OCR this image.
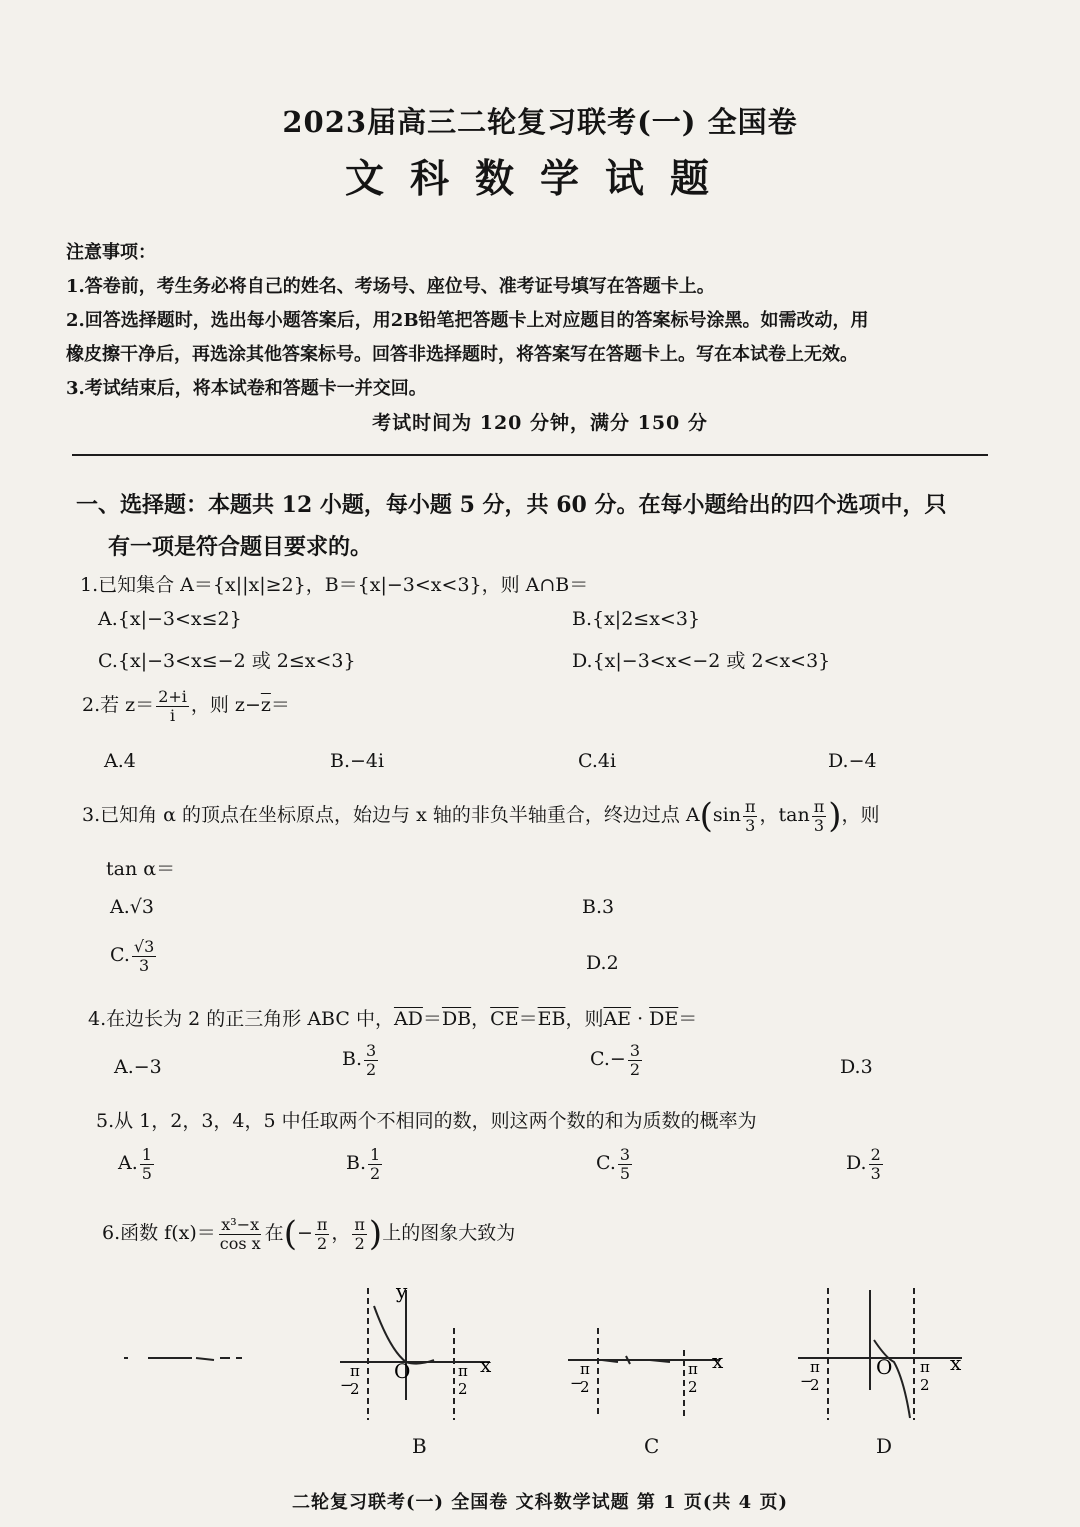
2023届高三二轮复习联考(一) 全国卷
文科数学试题
注意事项：
1.答卷前，考生务必将自己的姓名、考场号、座位号、准考证号填写在答题卡上。
2.回答选择题时，选出每小题答案后，用2B铅笔把答题卡上对应题目的答案标号涂黑。如需改动，用
橡皮擦干净后，再选涂其他答案标号。回答非选择题时，将答案写在答题卡上。写在本试卷上无效。
3.考试结束后，将本试卷和答题卡一并交回。
考试时间为 120 分钟，满分 150 分
一、选择题：本题共 12 小题，每小题 5 分，共 60 分。在每小题给出的四个选项中，只
有一项是符合题目要求的。
1.已知集合 A＝{x||x|≥2}，B＝{x|−3<x<3}，则 A∩B＝
A.{x|−3<x≤2}	B.{x|2≤x<3}
C.{x|−3<x≤−2 或 2≤x<3}	D.{x|−3<x<−2 或 2<x<3}
2.若 $z= \frac{2+i}{i}$ ，则 $z-\overline{z}=$
A.4	B.−4i	C.4i	D.−4
3.已知角 α 的顶点在坐标原点，始边与 x 轴的非负半轴重合，终边过点 $A(\sin \frac{\pi}{3}$ ，$\tan \frac{\pi}{3}$ )，则
tan α＝
A.√3	B.3
C. $\frac{√3}{3}$	D.2
4.在边长为 2 的正三角形 ABC 中，$\overline{AD}=\overline{DB}$，$\overline{CE}=\overline{EB}$，则$\overline{AE} \cdot \overline{DE}=$
A.−3	B. $\frac{3}{2}$	$C.- \frac{3}{2}$	D.3
5.从 1，2，3，4，5 中任取两个不相同的数，则这两个数的和为质数的概率为
A. $\frac{1}{5}$	B. $\frac{1}{2}$	C. $\frac{3}{5}$	D. $\frac{2}{3}$
6.函数 $f(x)= \frac{\text{x³−x}}{\text{cos x}}$ 在(− $\frac{\pi}{2}$ ， $\frac{\pi}{2}$ )上的图象大致为
y
O	x
π
−
2
π
2
x
π
−
2
π
2
O	x
π
−
2
π
2
B	C	D
二轮复习联考(一) 全国卷 文科数学试题 第 1 页(共 4 页)
